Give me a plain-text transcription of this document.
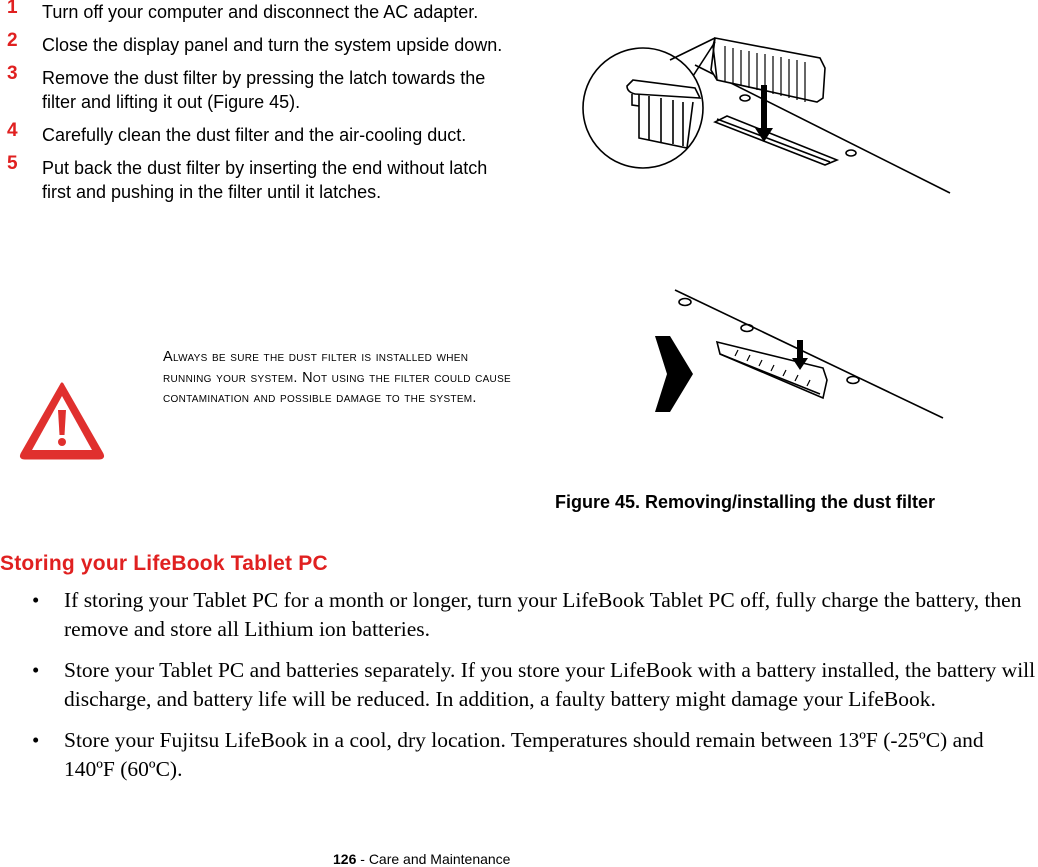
1 Turn off your computer and disconnect the AC adapter.
2 Close the display panel and turn the system upside down.
3 Remove the dust filter by pressing the latch towards the filter and lifting it out (Figure 45).
4 Carefully clean the dust filter and the air-cooling duct.
5 Put back the dust filter by inserting the end without latch first and pushing in the filter until it latches.
Always be sure the dust filter is installed when running your system. Not using the filter could cause contamination and possible damage to the system.
Figure 45. Removing/installing the dust filter
Storing your LifeBook Tablet PC
• If storing your Tablet PC for a month or longer, turn your LifeBook Tablet PC off, fully charge the battery, then remove and store all Lithium ion batteries.
• Store your Tablet PC and batteries separately. If you store your LifeBook with a battery installed, the battery will discharge, and battery life will be reduced. In addition, a faulty battery might damage your LifeBook.
• Store your Fujitsu LifeBook in a cool, dry location. Temperatures should remain between 13ºF (-25ºC) and 140ºF (60ºC).
126 - Care and Maintenance
